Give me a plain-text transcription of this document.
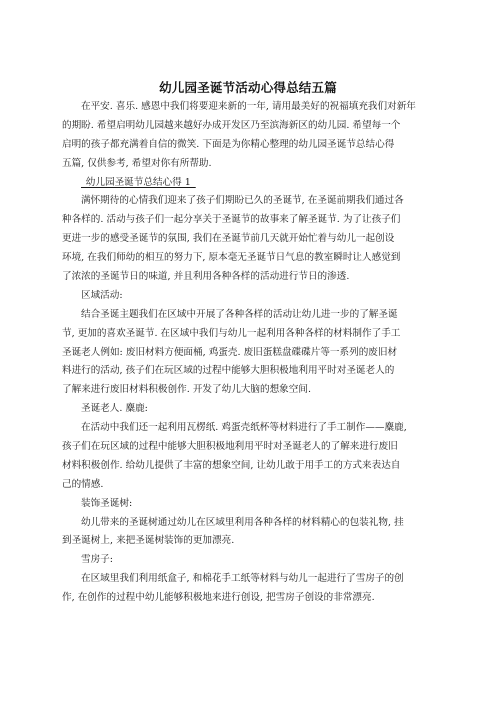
幼儿园圣诞节活动心得总结五篇
在平安. 喜乐. 感恩中我们将要迎来新的一年, 请用最美好的祝福填充我们对新年
的期盼. 希望启明幼儿园越来越好办成开发区乃至滨海新区的幼儿园. 希望每一个
启明的孩子都充满着自信的微笑. 下面是为你精心整理的幼儿园圣诞节总结心得
五篇, 仅供参考, 希望对你有所帮助.
_幼儿园圣诞节总结心得 1_
满怀期待的心情我们迎来了孩子们期盼已久的圣诞节, 在圣诞前期我们通过各
种各样的. 活动与孩子们一起分享关于圣诞节的故事来了解圣诞节. 为了让孩子们
更进一步的感受圣诞节的氛围, 我们在圣诞节前几天就开始忙着与幼儿一起创设
环境, 在我们师幼的相互的努力下, 原本毫无圣诞节日气息的教室瞬时让人感觉到
了浓浓的圣诞节日的味道, 并且利用各种各样的活动进行节日的渗透.
区域活动:
结合圣诞主题我们在区域中开展了各种各样的活动让幼儿进一步的了解圣诞
节, 更加的喜欢圣诞节. 在区域中我们与幼儿一起利用各种各样的材料制作了手工
圣诞老人例如: 废旧材料方便面桶, 鸡蛋壳. 废旧蛋糕盘碟碟片等一系列的废旧材
料进行的活动, 孩子们在玩区域的过程中能够大胆积极地利用平时对圣诞老人的
了解来进行废旧材料积极创作. 开发了幼儿大脑的想象空间.
圣诞老人. 麋鹿:
在活动中我们还一起利用瓦楞纸. 鸡蛋壳纸杯等材料进行了手工制作——麋鹿,
孩子们在玩区域的过程中能够大胆积极地利用平时对圣诞老人的了解来进行废旧
材料积极创作. 给幼儿提供了丰富的想象空间, 让幼儿敢于用手工的方式来表达自
己的情感.
装饰圣诞树:
幼儿带来的圣诞树通过幼儿在区域里利用各种各样的材料精心的包装礼物, 挂
到圣诞树上, 来把圣诞树装饰的更加漂亮.
雪房子:
在区域里我们利用纸盒子, 和棉花手工纸等材料与幼儿一起进行了雪房子的创
作, 在创作的过程中幼儿能够积极地来进行创设, 把雪房子创设的非常漂亮.
